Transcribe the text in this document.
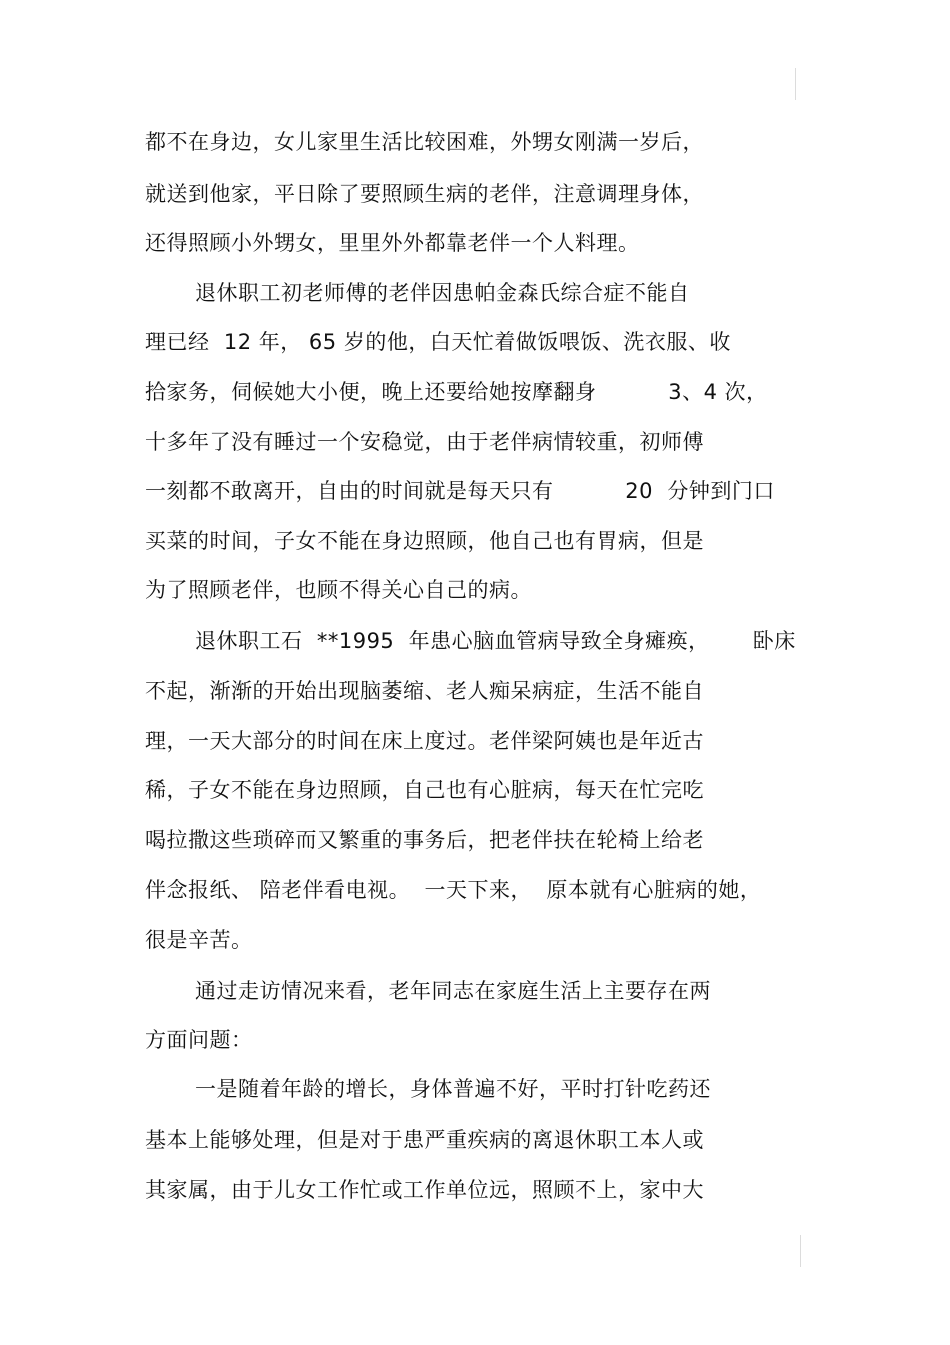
都不在身边，女儿家里生活比较困难，外甥女刚满一岁后，
就送到他家，平日除了要照顾生病的老伴，注意调理身体，
还得照顾小外甥女，里里外外都靠老伴一个人料理。
退休职工初老师傅的老伴因患帕金森氏综合症不能自
理已经  12 年， 65 岁的他，白天忙着做饭喂饭、洗衣服、收
拾家务，伺候她大小便，晚上还要给她按摩翻身          3、4 次，
十多年了没有睡过一个安稳觉，由于老伴病情较重，初师傅
一刻都不敢离开，自由的时间就是每天只有          20  分钟到门口
买菜的时间，子女不能在身边照顾，他自己也有胃病，但是
为了照顾老伴，也顾不得关心自己的病。
退休职工石  **1995  年患心脑血管病导致全身瘫痪，      卧床
不起，渐渐的开始出现脑萎缩、老人痴呆病症，生活不能自
理，一天大部分的时间在床上度过。老伴梁阿姨也是年近古
稀，子女不能在身边照顾，自己也有心脏病，每天在忙完吃
喝拉撒这些琐碎而又繁重的事务后，把老伴扶在轮椅上给老
伴念报纸、 陪老伴看电视。  一天下来，  原本就有心脏病的她，
很是辛苦。
通过走访情况来看，老年同志在家庭生活上主要存在两
方面问题：
一是随着年龄的增长，身体普遍不好，平时打针吃药还
基本上能够处理，但是对于患严重疾病的离退休职工本人或
其家属，由于儿女工作忙或工作单位远，照顾不上，家中大
